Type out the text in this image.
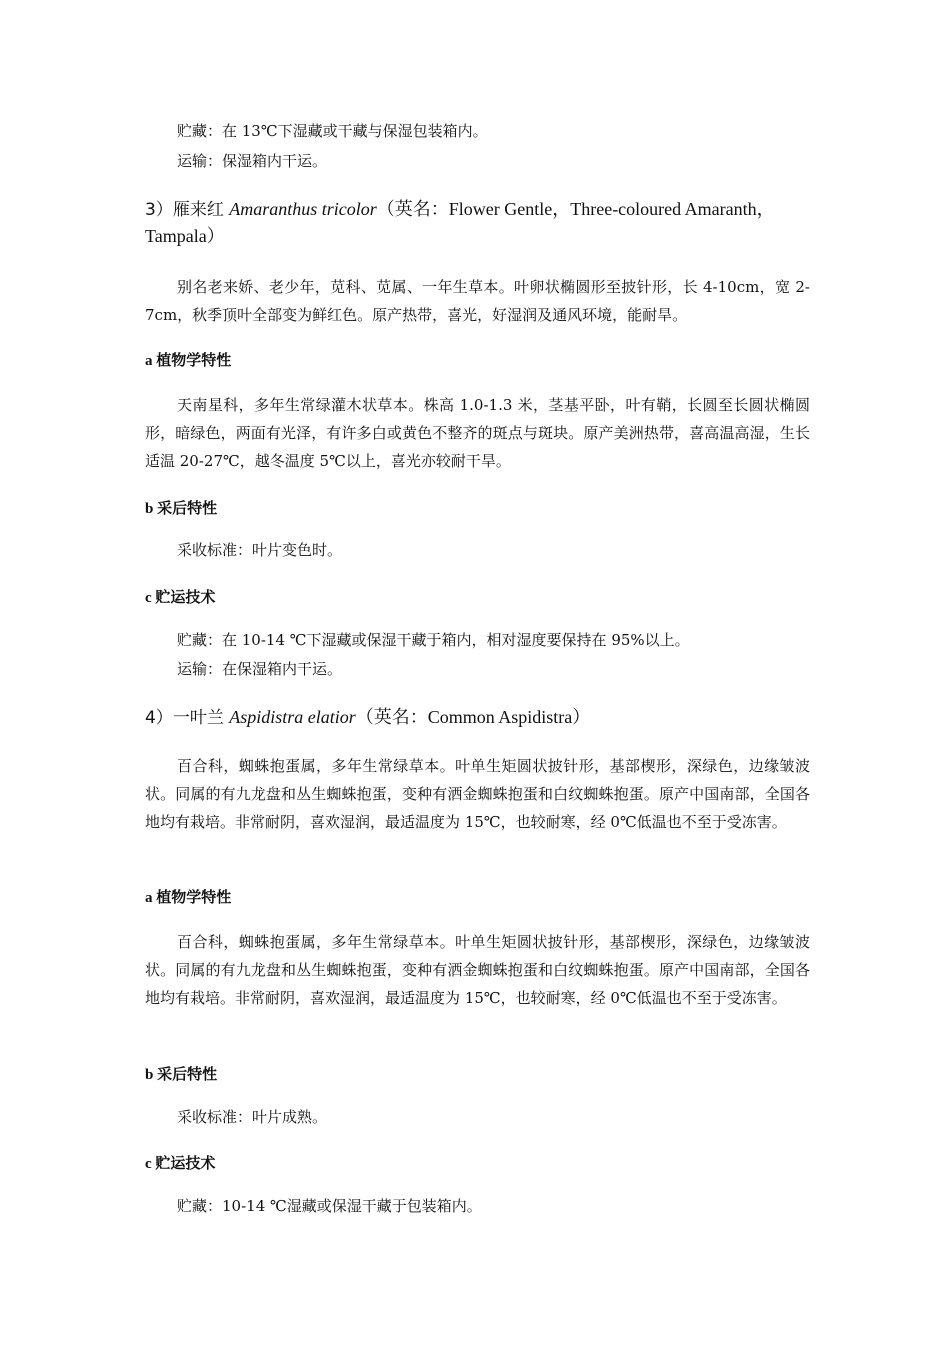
贮藏：在 13℃下湿藏或干藏与保湿包装箱内。

运输：保湿箱内干运。

3）雁来红 Amaranthus tricolor（英名：Flower Gentle，Three-coloured Amaranth，Tampala）

别名老来娇、老少年，苋科、苋属、一年生草本。叶卵状椭圆形至披针形，长 4-10cm，宽 2-7cm，秋季顶叶全部变为鲜红色。原产热带，喜光，好湿润及通风环境，能耐旱。

a 植物学特性

天南星科，多年生常绿灌木状草本。株高 1.0-1.3 米，茎基平卧，叶有鞘，长圆至长圆状椭圆形，暗绿色，两面有光泽，有许多白或黄色不整齐的斑点与斑块。原产美洲热带，喜高温高湿，生长适温 20-27℃，越冬温度 5℃以上，喜光亦较耐干旱。

b 采后特性

采收标准：叶片变色时。

c 贮运技术

贮藏：在 10-14 ℃下湿藏或保湿干藏于箱内，相对湿度要保持在 95%以上。

运输：在保湿箱内干运。

4）一叶兰 Aspidistra elatior（英名：Common Aspidistra）

百合科，蜘蛛抱蛋属，多年生常绿草本。叶单生矩圆状披针形，基部楔形，深绿色，边缘皱波状。同属的有九龙盘和丛生蜘蛛抱蛋，变种有洒金蜘蛛抱蛋和白纹蜘蛛抱蛋。原产中国南部，全国各地均有栽培。非常耐阴，喜欢湿润，最适温度为 15℃，也较耐寒，经 0℃低温也不至于受冻害。

a 植物学特性

百合科，蜘蛛抱蛋属，多年生常绿草本。叶单生矩圆状披针形，基部楔形，深绿色，边缘皱波状。同属的有九龙盘和丛生蜘蛛抱蛋，变种有洒金蜘蛛抱蛋和白纹蜘蛛抱蛋。原产中国南部，全国各地均有栽培。非常耐阴，喜欢湿润，最适温度为 15℃，也较耐寒，经 0℃低温也不至于受冻害。

b 采后特性

采收标准：叶片成熟。

c 贮运技术

贮藏：10-14 ℃湿藏或保湿干藏于包装箱内。
